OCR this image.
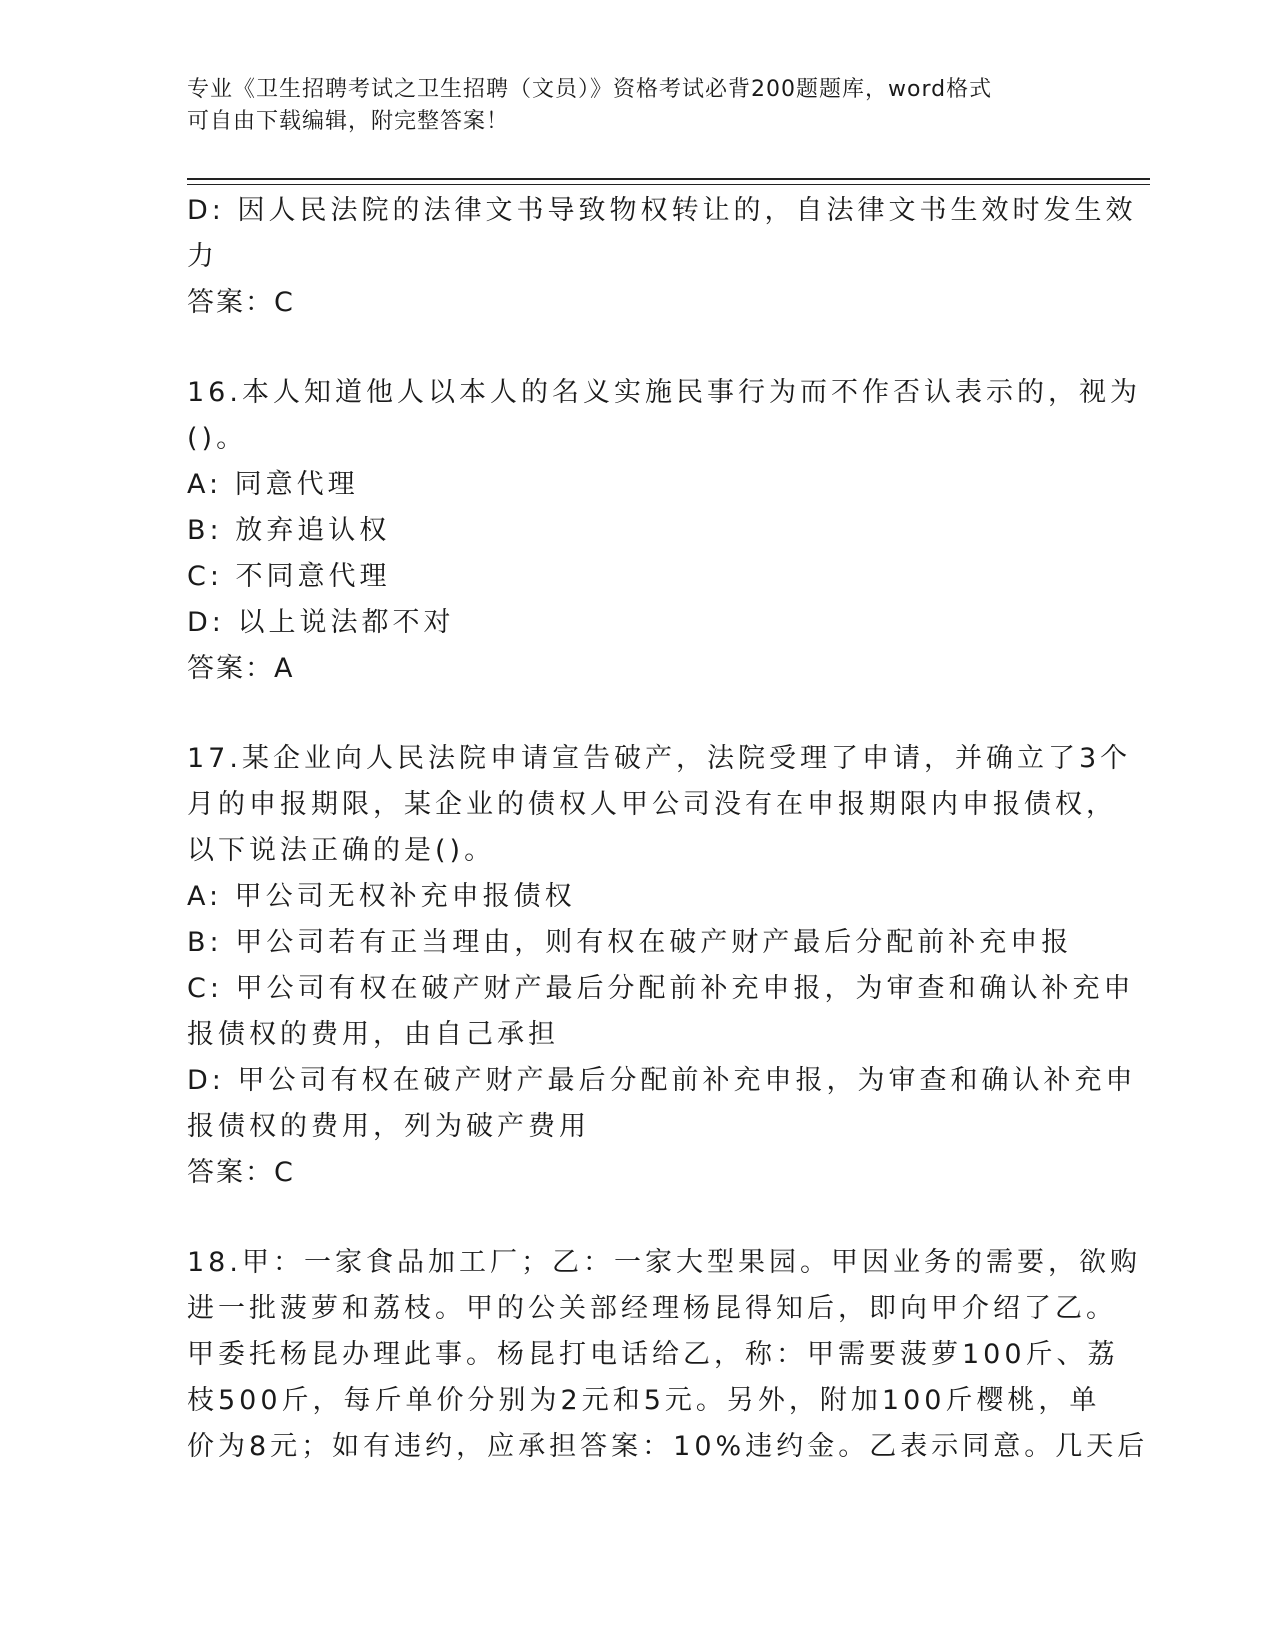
专业《卫生招聘考试之卫生招聘（文员）》资格考试必背200题题库，word格式
可自由下载编辑，附完整答案！
D: 因人民法院的法律文书导致物权转让的，自法律文书生效时发生效
力
答案：C
16.本人知道他人以本人的名义实施民事行为而不作否认表示的，视为
()。
A: 同意代理
B: 放弃追认权
C: 不同意代理
D: 以上说法都不对
答案：A
17.某企业向人民法院申请宣告破产，法院受理了申请，并确立了3个
月的申报期限，某企业的债权人甲公司没有在申报期限内申报债权，
以下说法正确的是()。
A: 甲公司无权补充申报债权
B: 甲公司若有正当理由，则有权在破产财产最后分配前补充申报
C: 甲公司有权在破产财产最后分配前补充申报，为审查和确认补充申
报债权的费用，由自己承担
D: 甲公司有权在破产财产最后分配前补充申报，为审查和确认补充申
报债权的费用，列为破产费用
答案：C
18.甲：一家食品加工厂；乙：一家大型果园。甲因业务的需要，欲购
进一批菠萝和荔枝。甲的公关部经理杨昆得知后，即向甲介绍了乙。
甲委托杨昆办理此事。杨昆打电话给乙，称：甲需要菠萝100斤、荔
枝500斤，每斤单价分别为2元和5元。另外，附加100斤樱桃，单
价为8元；如有违约，应承担答案：10%违约金。乙表示同意。几天后
